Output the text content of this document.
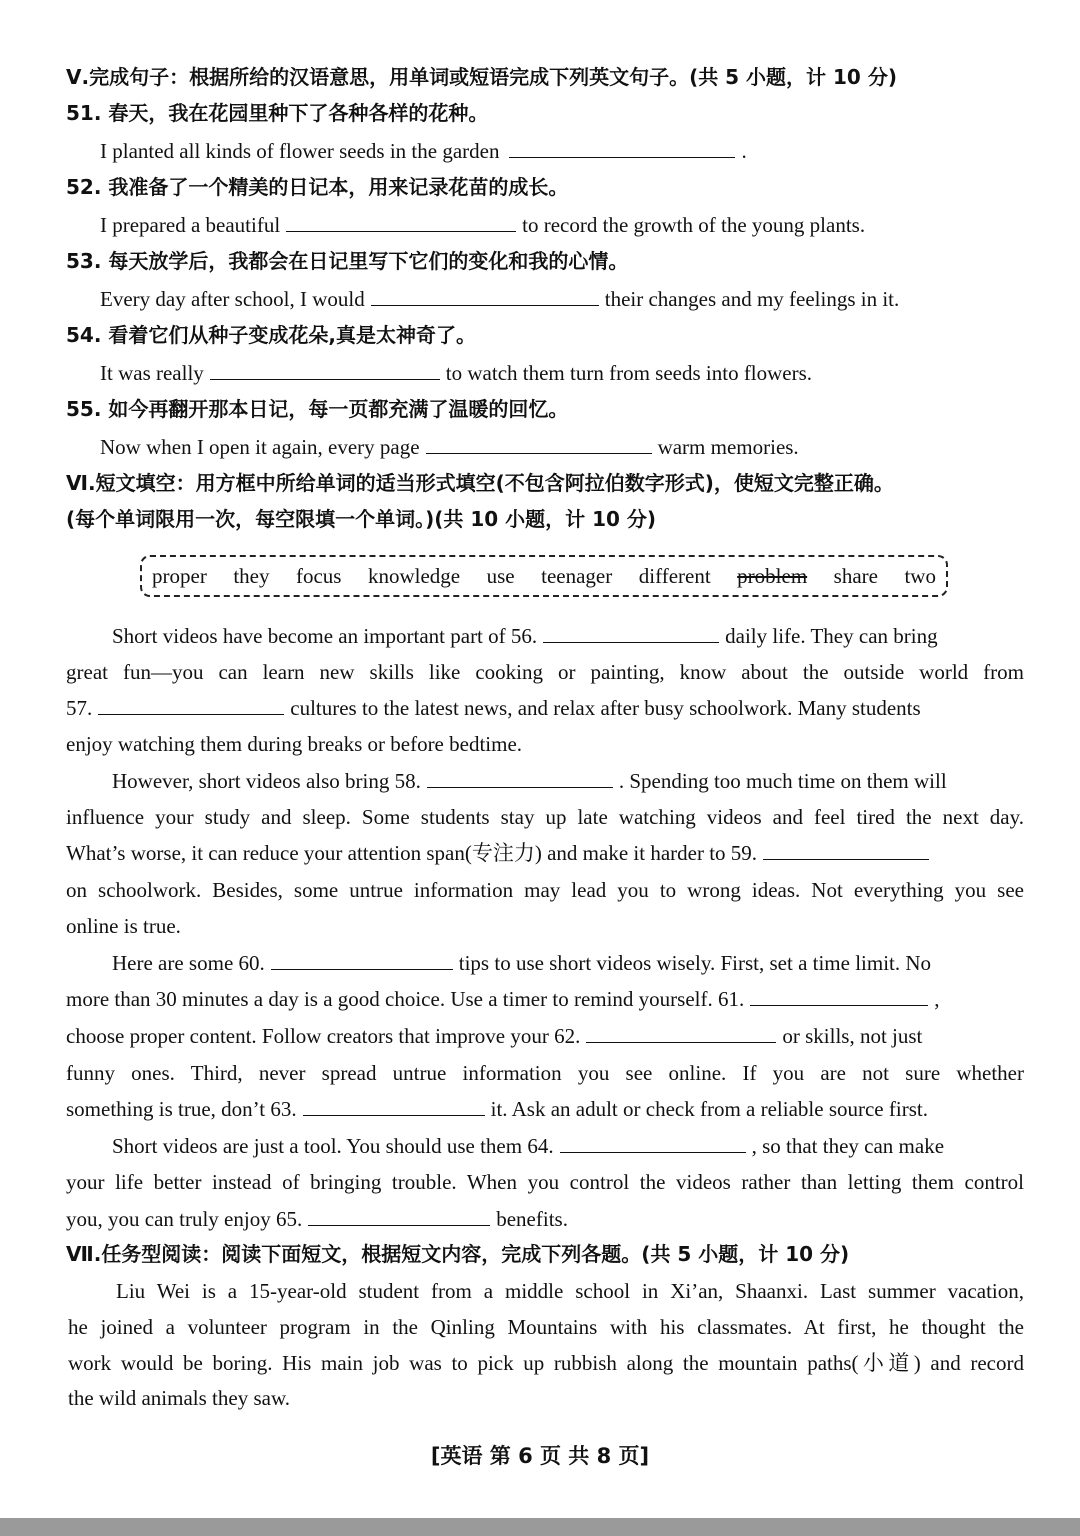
Ⅴ.完成句子：根据所给的汉语意思，用单词或短语完成下列英文句子。(共 5 小题，计 10 分)
51. 春天，我在花园里种下了各种各样的花种。
I planted all kinds of flower seeds in the garden	.
52. 我准备了一个精美的日记本，用来记录花苗的成长。
I prepared a beautiful	to record the growth of the young plants.
53. 每天放学后，我都会在日记里写下它们的变化和我的心情。
Every day after school, I would	their changes and my feelings in it.
54. 看着它们从种子变成花朵,真是太神奇了。
It was really	to watch them turn from seeds into flowers.
55. 如今再翻开那本日记，每一页都充满了温暖的回忆。
Now when I open it again, every page	warm memories.
Ⅵ.短文填空：用方框中所给单词的适当形式填空(不包含阿拉伯数字形式)，使短文完整正确。
(每个单词限用一次，每空限填一个单词。)(共 10 小题，计 10 分)
proper they focus knowledge use teenager different problem share two
Short videos have become an important part of 56.	daily life. They can bring
great fun—you can learn new skills like cooking or painting, know about the outside world from
57.	cultures to the latest news, and relax after busy schoolwork. Many students
enjoy watching them during breaks or before bedtime.
However, short videos also bring 58.	. Spending too much time on them will
influence your study and sleep. Some students stay up late watching videos and feel tired the next day.
What’s worse, it can reduce your attention span(专注力) and make it harder to 59.
on schoolwork. Besides, some untrue information may lead you to wrong ideas. Not everything you see
online is true.
Here are some 60.	tips to use short videos wisely. First, set a time limit. No
more than 30 minutes a day is a good choice. Use a timer to remind yourself. 61.	,
choose proper content. Follow creators that improve your 62.	or skills, not just
funny ones. Third, never spread untrue information you see online. If you are not sure whether
something is true, don’t 63.	it. Ask an adult or check from a reliable source first.
Short videos are just a tool. You should use them 64.	, so that they can make
your life better instead of bringing trouble. When you control the videos rather than letting them control
you, you can truly enjoy 65.	benefits.
Ⅶ.任务型阅读：阅读下面短文，根据短文内容，完成下列各题。(共 5 小题，计 10 分)
Liu Wei is a 15-year-old student from a middle school in Xi’an, Shaanxi. Last summer vacation,
he joined a volunteer program in the Qinling Mountains with his classmates. At first, he thought the
work would be boring. His main job was to pick up rubbish along the mountain paths(小道) and record
the wild animals they saw.
[英语 第 6 页 共 8 页]
